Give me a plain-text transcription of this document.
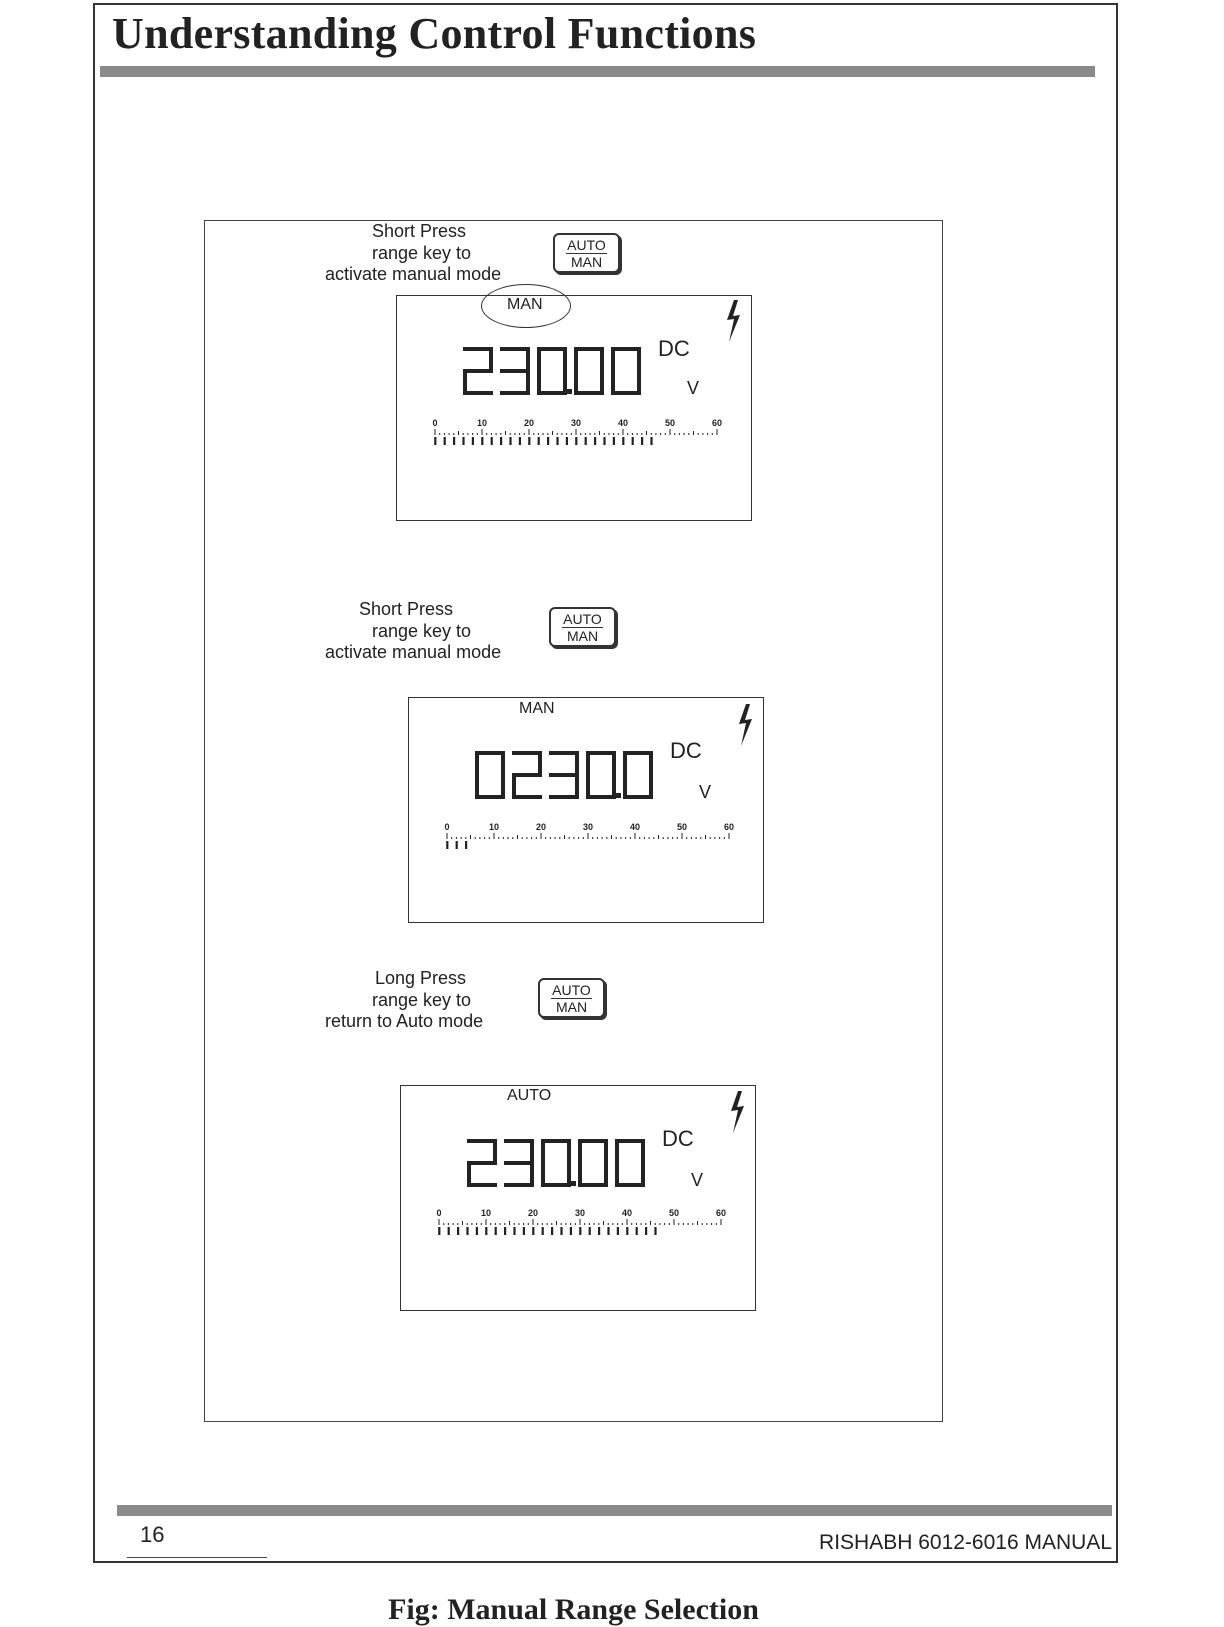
Understanding Control Functions
Short Press
range key to
activate manual mode
AUTO
MAN
MAN
DC
V
0	10	20	30	40	50	60
Short Press
range key to
activate manual mode
AUTO
MAN
MAN
DC
V
0	10	20	30	40	50	60
Long Press
range key to
return to Auto mode
AUTO
MAN
AUTO
DC
V
0	10	20	30	40	50	60
Fig: Manual Range Selection
16	RISHABH 6012-6016 MANUAL
